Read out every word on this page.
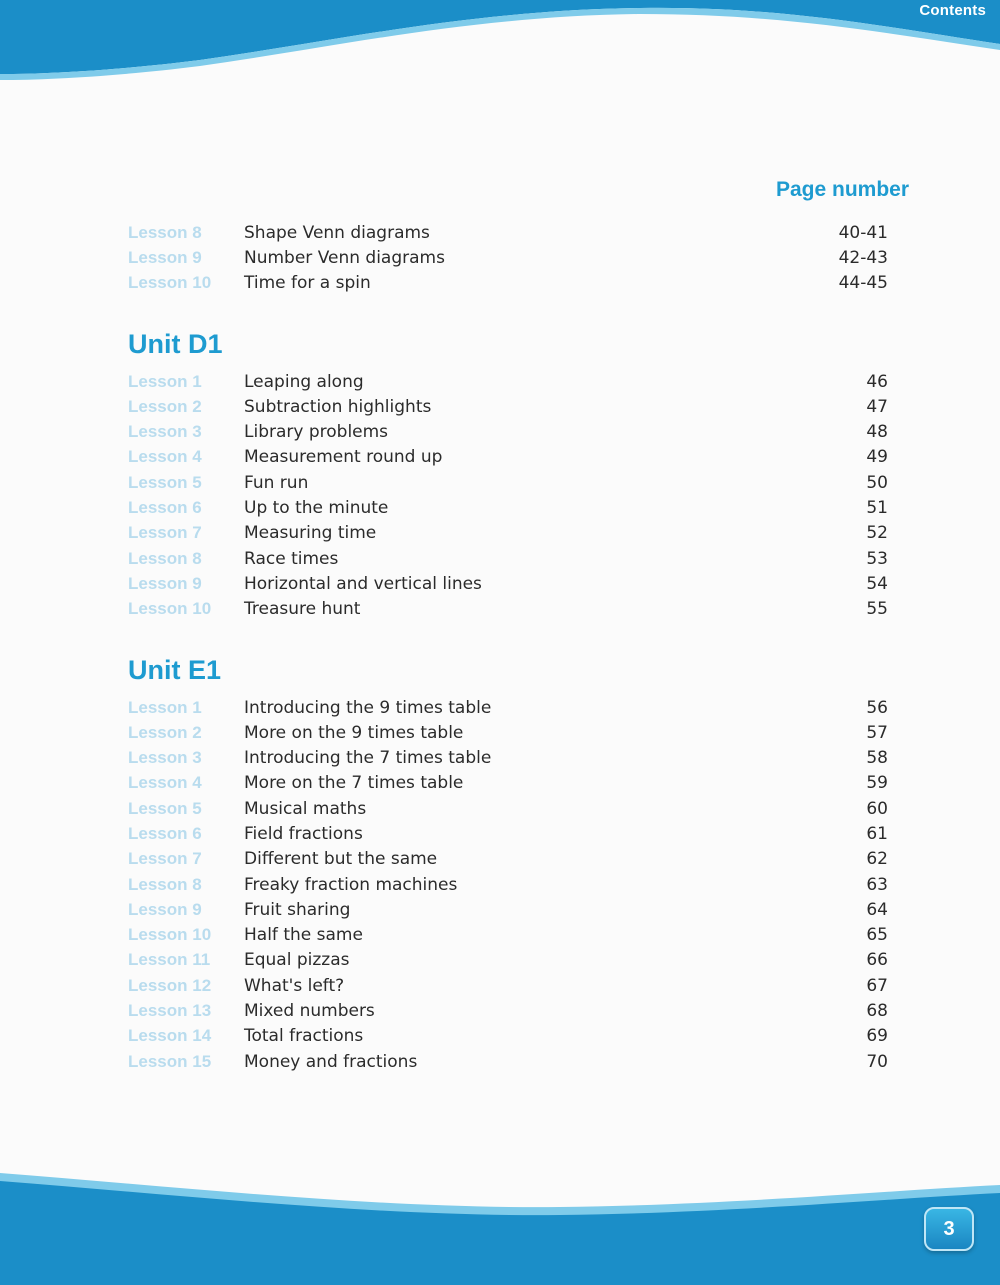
Contents
3
Page number
Lesson 8	Shape Venn diagrams	40-41
Lesson 9	Number Venn diagrams	42-43
Lesson 10	Time for a spin	44-45
Unit D1
Lesson 1	Leaping along	46
Lesson 2	Subtraction highlights	47
Lesson 3	Library problems	48
Lesson 4	Measurement round up	49
Lesson 5	Fun run	50
Lesson 6	Up to the minute	51
Lesson 7	Measuring time	52
Lesson 8	Race times	53
Lesson 9	Horizontal and vertical lines	54
Lesson 10	Treasure hunt	55
Unit E1
Lesson 1	Introducing the 9 times table	56
Lesson 2	More on the 9 times table	57
Lesson 3	Introducing the 7 times table	58
Lesson 4	More on the 7 times table	59
Lesson 5	Musical maths	60
Lesson 6	Field fractions	61
Lesson 7	Different but the same	62
Lesson 8	Freaky fraction machines	63
Lesson 9	Fruit sharing	64
Lesson 10	Half the same	65
Lesson 11	Equal pizzas	66
Lesson 12	What's left?	67
Lesson 13	Mixed numbers	68
Lesson 14	Total fractions	69
Lesson 15	Money and fractions	70
